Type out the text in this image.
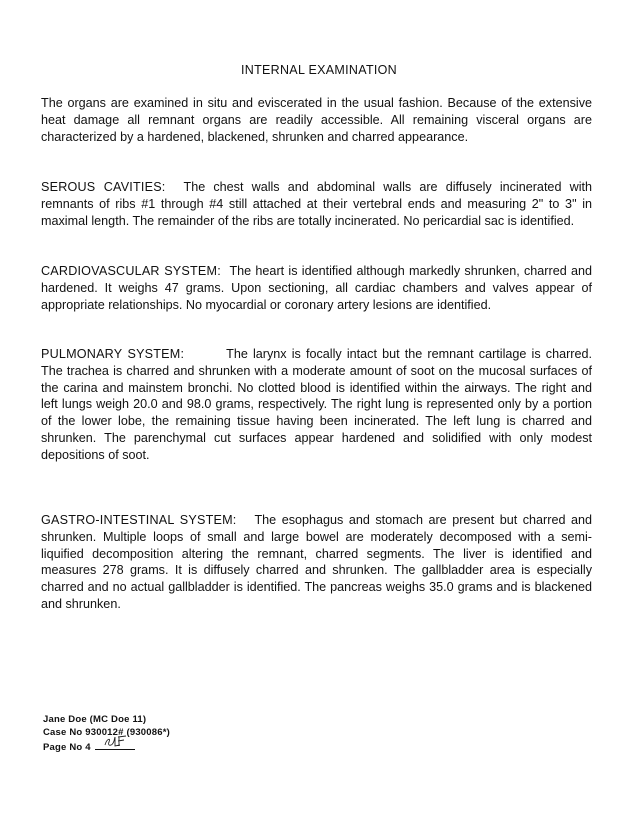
INTERNAL EXAMINATION
The organs are examined in situ and eviscerated in the usual fashion. Because of the extensive heat damage all remnant organs are readily accessible. All remaining visceral organs are characterized by a hardened, blackened, shrunken and charred appearance.
SEROUS CAVITIES: The chest walls and abdominal walls are diffusely incinerated with remnants of ribs #1 through #4 still attached at their vertebral ends and measuring 2" to 3" in maximal length. The remainder of the ribs are totally incinerated. No pericardial sac is identified.
CARDIOVASCULAR SYSTEM: The heart is identified although markedly shrunken, charred and hardened. It weighs 47 grams. Upon sectioning, all cardiac chambers and valves appear of appropriate relationships. No myocardial or coronary artery lesions are identified.
PULMONARY SYSTEM:	The larynx is focally intact but the remnant cartilage is charred. The trachea is charred and shrunken with a moderate amount of soot on the mucosal surfaces of the carina and mainstem bronchi. No clotted blood is identified within the airways. The right and left lungs weigh 20.0 and 98.0 grams, respectively. The right lung is represented only by a portion of the lower lobe, the remaining tissue having been incinerated. The left lung is charred and shrunken. The parenchymal cut surfaces appear hardened and solidified with only modest depositions of soot.
GASTRO-INTESTINAL SYSTEM: The esophagus and stomach are present but charred and shrunken. Multiple loops of small and large bowel are moderately decomposed with a semi-liquified decomposition altering the remnant, charred segments. The liver is identified and measures 278 grams. It is diffusely charred and shrunken. The gallbladder area is especially charred and no actual gallbladder is identified. The pancreas weighs 35.0 grams and is blackened and shrunken.
Jane Doe (MC Doe 11)
Case No 930012# (930086*)
Page No 4
